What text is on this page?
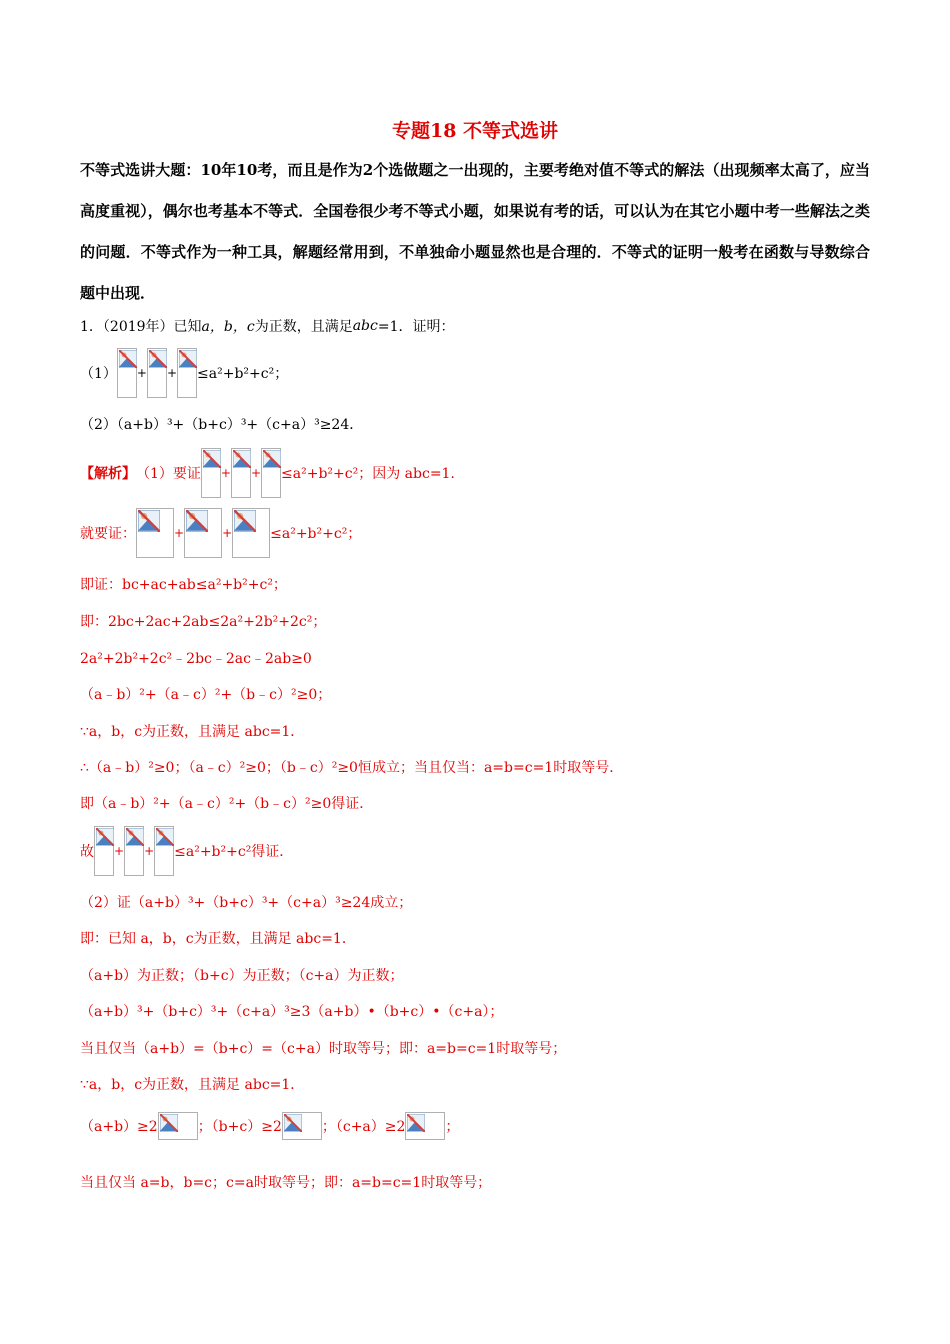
专题18 不等式选讲
不等式选讲大题：10年10考，而且是作为2个选做题之一出现的，主要考绝对值不等式的解法（出现频率太高了，应当高度重视），偶尔也考基本不等式．全国卷很少考不等式小题，如果说有考的话，可以认为在其它小题中考一些解法之类的问题．不等式作为一种工具，解题经常用到，不单独命小题显然也是合理的．不等式的证明一般考在函数与导数综合题中出现．
1．（2019年）已知 a，b，c 为正数，且满足 abc =1．证明：
（1） + + ≤a²+b²+c²；
（2）（a+b）³+（b+c）³+（c+a）³≥24．
【解析】 （1）要证 + + ≤a²+b²+c²；因为 abc=1．
就要证：	+	+	≤a²+b²+c²；
即证：bc+ac+ab≤a²+b²+c²；
即：2bc+2ac+2ab≤2a²+2b²+2c²；
2a²+2b²+2c²﹣2bc﹣2ac﹣2ab≥0
（a﹣b）²+（a﹣c）²+（b﹣c）²≥0；
∵a，b，c为正数，且满足 abc=1．
∴（a﹣b）²≥0；（a﹣c）²≥0；（b﹣c）²≥0恒成立；当且仅当：a=b=c=1时取等号．
即（a﹣b）²+（a﹣c）²+（b﹣c）²≥0得证．
故 + + ≤a²+b²+c²得证．
（2）证（a+b）³+（b+c）³+（c+a）³≥24成立；
即：已知 a，b，c为正数，且满足 abc=1．
（a+b）为正数；（b+c）为正数；（c+a）为正数；
（a+b）³+（b+c）³+（c+a）³≥3（a+b）•（b+c）•（c+a）；
当且仅当（a+b）=（b+c）=（c+a）时取等号；即：a=b=c=1时取等号；
∵a，b，c为正数，且满足 abc=1．
（a+b）≥2	；（b+c）≥2	；（c+a）≥2	；
当且仅当 a=b，b=c；c=a时取等号；即：a=b=c=1时取等号；
